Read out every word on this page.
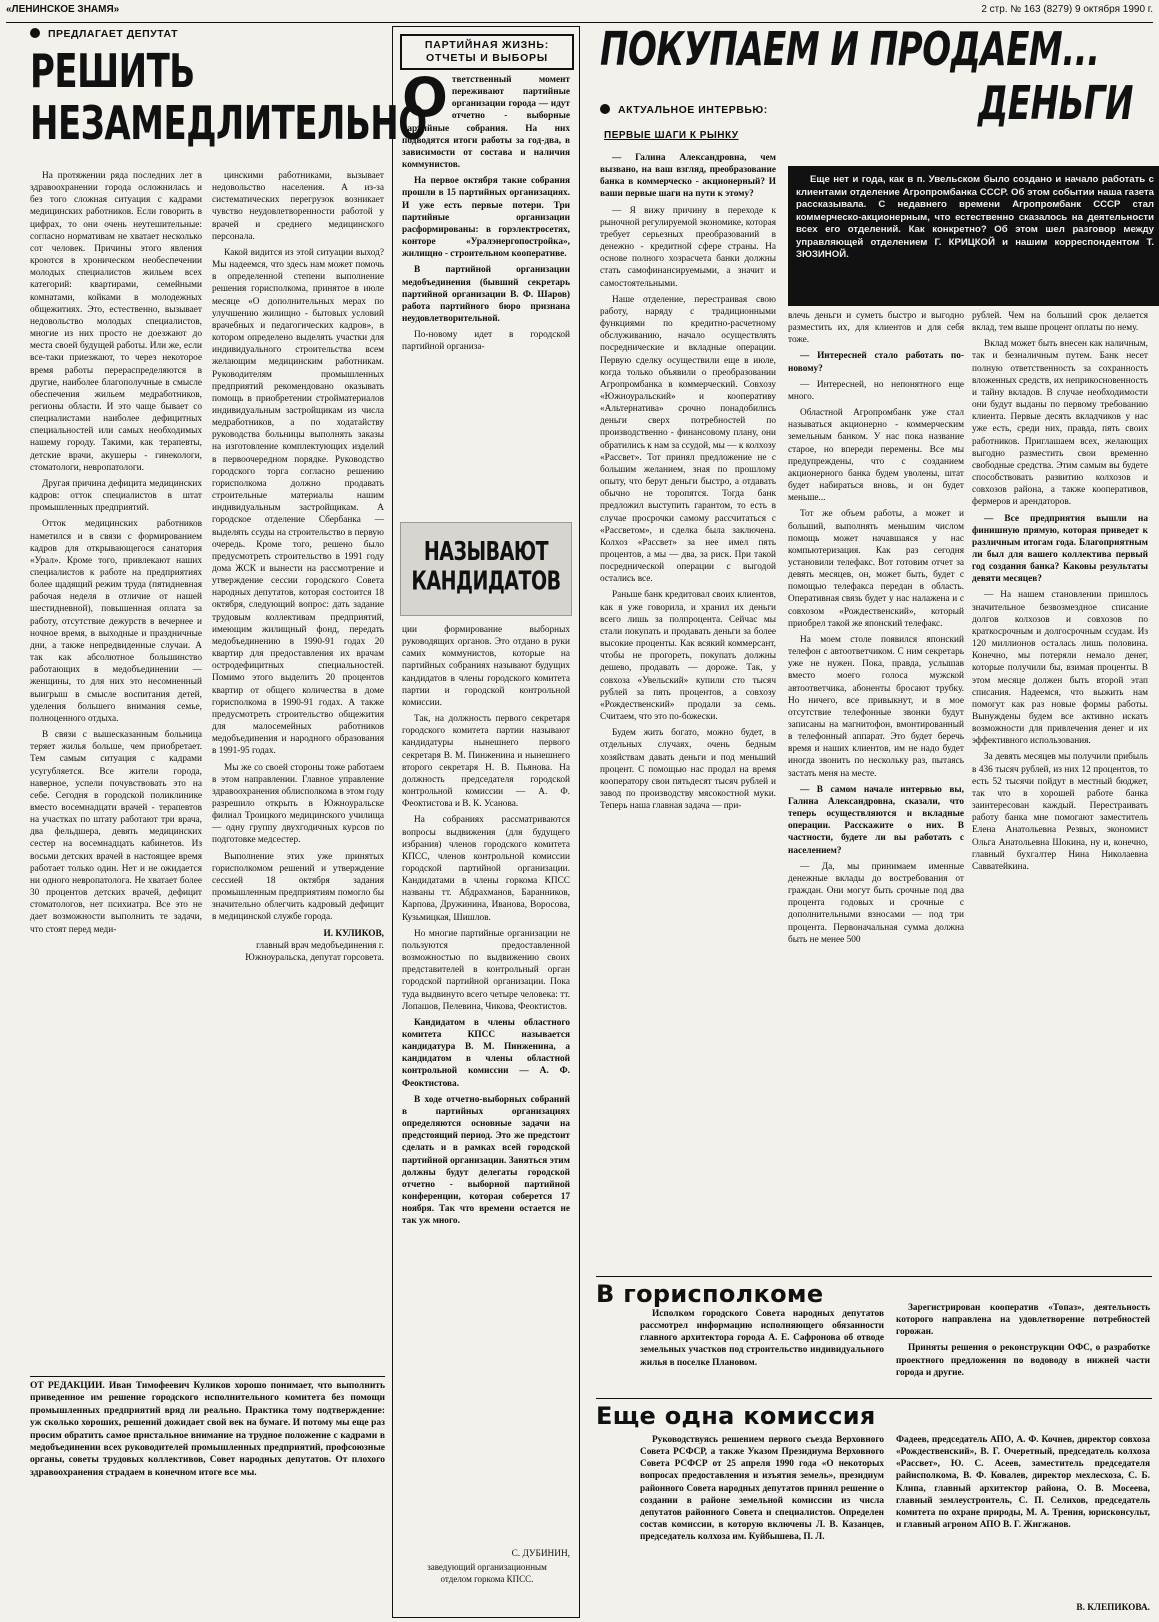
«ЛЕНИНСКОЕ ЗНАМЯ»	2 стр. № 163 (8279) 9 октября 1990 г.
ПРЕДЛАГАЕТ ДЕПУТАТ
РЕШИТЬ
НЕЗАМЕДЛИТЕЛЬНО

На протяжении ряда последних лет в здравоохранении города осложнилась и без того сложная ситуация с кадрами медицинских работников. Если говорить в цифрах, то они очень неутешительные: согласно нормативам не хватает несколько сот человек. Причины этого явления кроются в хроническом необеспечении молодых специалистов жильем всех категорий: квартирами, семейными комнатами, койками в молодежных общежитиях. Это, естественно, вызывает недовольство молодых специалистов, многие из них просто не доезжают до места своей будущей работы. Или же, если все-таки приезжают, то через некоторое время работы перераспределяются в другие, наиболее благополучные в смысле обеспечения жильем медработников, регионы области. И это чаще бывает со специалистами наиболее дефицитных специальностей или самых необходимых нашему городу. Такими, как терапевты, детские врачи, акушеры - гинекологи, стоматологи, невропатологи.

Другая причина дефицита медицинских кадров: отток специалистов в штат промышленных предприятий.

Отток медицинских работников наметился и в связи с формированием кадров для открывающегося санатория «Урал». Кроме того, привлекают наших специалистов к работе на предприятиях более щадящий режим труда (пятидневная рабочая неделя в отличие от нашей шестидневной), повышенная оплата за работу, отсутствие дежурств в вечернее и ночное время, в выходные и праздничные дни, а также непредвиденные случаи. А так как абсолютное большинство работающих в медобъединении — женщины, то для них это несомненный выигрыш в смысле воспитания детей, уделения большего внимания семье, полноценного отдыха.

В связи с вышесказанным больница теряет жилья больше, чем приобретает. Тем самым ситуация с кадрами усугубляется. Все жители города, наверное, успели почувствовать это на себе. Сегодня в городской поликлинике вместо восемнадцати врачей - терапевтов на участках по штату работают три врача, два фельдшера, девять медицинских сестер на восемнадцать кабинетов. Из восьми детских врачей в настоящее время работает только один. Нет и не ожидается ни одного невропатолога. Не хватает более 30 процентов детских врачей, дефицит стоматологов, нет психиатра. Все это не дает возможности выполнить те задачи, что стоят перед меди-

цинскими работниками, вызывает недовольство населения. А из-за систематических перегрузок возникает чувство неудовлетворенности работой у врачей и среднего медицинского персонала.

Какой видится из этой ситуации выход? Мы надеемся, что здесь нам может помочь в определенной степени выполнение решения горисполкома, принятое в июле месяце «О дополнительных мерах по улучшению жилищно - бытовых условий врачебных и педагогических кадров», в котором определено выделять участки для индивидуального строительства всем желающим медицинским работникам. Руководителям промышленных предприятий рекомендовано оказывать помощь в приобретении стройматериалов индивидуальным застройщикам из числа медработников, а по ходатайству руководства больницы выполнять заказы на изготовление комплектующих изделий в первоочередном порядке. Руководство городского торга согласно решению горисполкома должно продавать строительные материалы нашим индивидуальным застройщикам. А городское отделение Сбербанка — выделять ссуды на строительство в первую очередь. Кроме того, решено было предусмотреть строительство в 1991 году дома ЖСК и вынести на рассмотрение и утверждение сессии городского Совета народных депутатов, которая состоится 18 октября, следующий вопрос: дать задание трудовым коллективам предприятий, имеющим жилищный фонд, передать медобъединению в 1990-91 годах 20 квартир для предоставления их врачам остродефицитных специальностей. Помимо этого выделить 20 процентов квартир от общего количества в доме горисполкома в 1990-91 годах. А также предусмотреть строительство общежития для малосемейных работников медобъединения и народного образования в 1991-95 годах.

Мы же со своей стороны тоже работаем в этом направлении. Главное управление здравоохранения облисполкома в этом году разрешило открыть в Южноуральске филиал Троицкого медицинского училища — одну группу двухгодичных курсов по подготовке медсестер.

Выполнение этих уже принятых горисполкомом решений и утверждение сессией 18 октября задания промышленным предприятиям помогло бы значительно облегчить кадровый дефицит в медицинской службе города.

И. КУЛИКОВ,
главный врач медобъединения г. Южноуральска, депутат горсовета.

ОТ РЕДАКЦИИ. Иван Тимофеевич Куликов хорошо понимает, что выполнить приведенное им решение городского исполнительного комитета без помощи промышленных предприятий вряд ли реально. Практика тому подтверждение: уж сколько хороших, решений дожидает свой век на бумаге. И потому мы еще раз просим обратить самое пристальное внимание на трудное положение с кадрами в медобъединении всех руководителей промышленных предприятий, профсоюзные органы, советы трудовых коллективов, Совет народных депутатов. От плохого здравоохранения страдаем в конечном итоге все мы.

ПАРТИЙНАЯ ЖИЗНЬ:
ОТЧЕТЫ И ВЫБОРЫ
О тветственный момент переживают партийные организации города — идут отчетно - выборные партийные собрания. На них подводятся итоги работы за год-два, в зависимости от состава и наличия коммунистов.

На первое октября такие собрания прошли в 15 партийных организациях. И уже есть первые потери. Три партийные организации расформированы: в горэлектросетях, конторе «Уралэнергопостройка», жилищно - строительном кооперативе.

В партийной организации медобъединения (бывший секретарь партийной организации В. Ф. Шаров) работа партийного бюро признана неудовлетворительной.

По-новому идет в городской партийной организа-

НАЗЫВАЮТ КАНДИДАТОВ

ции формирование выборных руководящих органов. Это отдано в руки самих коммунистов, которые на партийных собраниях называют будущих кандидатов в члены городского комитета партии и городской контрольной комиссии.

Так, на должность первого секретаря городского комитета партии называют кандидатуры нынешнего первого секретаря В. М. Пинженина и нынешнего второго секретаря Н. В. Пьянова. На должность председателя городской контрольной комиссии — А. Ф. Феоктистова и В. К. Усанова.

На собраниях рассматриваются вопросы выдвижения (для будущего избрания) членов городского комитета КПСС, членов контрольной комиссии городской партийной организации. Кандидатами в члены горкома КПСС названы тт. Абдрахманов, Баранников, Карпова, Дружинина, Иванова, Воросова, Кузьмицкая, Шишлов.

Но многие партийные организации не пользуются предоставленной возможностью по выдвижению своих представителей в контрольный орган городской партийной организации. Пока туда выдвинуто всего четыре человека: тт. Лопашов, Пелевина, Чикова, Феоктистов.

Кандидатом в члены областного комитета КПСС называется кандидатура В. М. Пинженина, а кандидатом в члены областной контрольной комиссии — А. Ф. Феоктистова.

В ходе отчетно-выборных собраний в партийных организациях определяются основные задачи на предстоящий период. Это же предстоит сделать и в рамках всей городской партийной организации. Заняться этим должны будут делегаты городской отчетно - выборной партийной конференции, которая соберется 17 ноября. Так что времени остается не так уж много.

С. ДУБИНИН,
заведующий организационным отделом горкома КПСС.
ПОКУПАЕМ И ПРОДАЕМ...
ДЕНЬГИ
АКТУАЛЬНОЕ ИНТЕРВЬЮ:
ПЕРВЫЕ ШАГИ К РЫНКУ
Еще нет и года, как в п. Увельском было создано и начало работать с клиентами отделение Агропромбанка СССР. Об этом событии наша газета рассказывала. С недавнего времени Агропромбанк СССР стал коммерческо-акционерным, что естественно сказалось на деятельности всех его отделений. Как конкретно? Об этом шел разговор между управляющей отделением Г. КРИЦКОЙ и нашим корреспондентом Т. ЗЮЗИНОЙ.

— Галина Александровна, чем вызвано, на ваш взгляд, преобразование банка в коммерческо - акционерный? И ваши первые шаги на пути к этому?

— Я вижу причину в переходе к рыночной регулируемой экономике, которая требует серьезных преобразований в денежно - кредитной сфере страны. На основе полного хозрасчета банки должны стать самофинансируемыми, а значит и самостоятельными.

Наше отделение, перестраивая свою работу, наряду с традиционными функциями по кредитно-расчетному обслуживанию, начало осуществлять посреднические и вкладные операции. Первую сделку осуществили еще в июле, когда только объявили о преобразовании Агропромбанка в коммерческий. Совхозу «Южноуральский» и кооперативу «Альтернатива» срочно понадобились деньги сверх потребностей по производственно - финансовому плану, они обратились к нам за ссудой, мы — к колхозу «Рассвет». Тот принял предложение не с большим желанием, зная по прошлому опыту, что берут деньги быстро, а отдавать обычно не торопятся. Тогда банк предложил выступить гарантом, то есть в случае просрочки самому рассчитаться с «Рассветом», и сделка была заключена. Колхоз «Рассвет» за нее имел пять процентов, а мы — два, за риск. При такой посреднической операции с выгодой остались все.

Раньше банк кредитовал своих клиентов, как я уже говорила, и хранил их деньги всего лишь за полпроцента. Сейчас мы стали покупать и продавать деньги за более высокие проценты. Как всякий коммерсант, чтобы не прогореть, покупать должны дешево, продавать — дороже. Так, у совхоза «Увельский» купили сто тысяч рублей за пять процентов, а совхозу «Рождественский» продали за семь. Считаем, что это по-божески.

Будем жить богато, можно будет, в отдельных случаях, очень бедным хозяйствам давать деньги и под меньший процент. С помощью нас продал на время кооператору свои пятьдесят тысяч рублей и завод по производству мясокостной муки. Теперь наша главная задача — при-

влечь деньги и суметь быстро и выгодно разместить их, для клиентов и для себя тоже.

— Интересней стало работать по-новому?

— Интересней, но непонятного еще много.

Областной Агропромбанк уже стал называться акционерно - коммерческим земельным банком. У нас пока название старое, но впереди перемены. Все мы предупреждены, что с созданием акционерного банка будем уволены, штат будет набираться вновь, и он будет меньше...

Тот же объем работы, а может и больший, выполнять меньшим числом помощь может начавшаяся у нас компьютеризация. Как раз сегодня установили телефакс. Вот готовим отчет за девять месяцев, он, может быть, будет с помощью телефакса передан в область. Оперативная связь будет у нас налажена и с совхозом «Рождественский», который приобрел такой же японский телефакс.

На моем столе появился японский телефон с автоответчиком. С ним секретарь уже не нужен. Пока, правда, услышав вместо моего голоса мужской автоответчика, абоненты бросают трубку. Но ничего, все привыкнут, и в мое отсутствие телефонные звонки будут записаны на магнитофон, вмонтированный в телефонный аппарат. Это будет беречь время и наших клиентов, им не надо будет иногда звонить по нескольку раз, пытаясь застать меня на месте.

— В самом начале интервью вы, Галина Александровна, сказали, что теперь осуществляются и вкладные операции. Расскажите о них. В частности, будете ли вы работать с населением?

— Да, мы принимаем именные денежные вклады до востребования от граждан. Они могут быть срочные под два процента годовых и срочные с дополнительными взносами — под три процента. Первоначальная сумма должна быть не менее 500

рублей. Чем на больший срок делается вклад, тем выше процент оплаты по нему.

Вклад может быть внесен как наличным, так и безналичным путем. Банк несет полную ответственность за сохранность вложенных средств, их неприкосновенность и тайну вкладов. В случае необходимости они будут выданы по первому требованию клиента. Первые десять вкладчиков у нас уже есть, среди них, правда, пять своих работников. Приглашаем всех, желающих выгодно разместить свои временно свободные средства. Этим самым вы будете способствовать развитию колхозов и совхозов района, а также кооперативов, фермеров и арендаторов.

— Все предприятия вышли на финишную прямую, которая приведет к различным итогам года. Благоприятным ли был для вашего коллектива первый год создания банка? Каковы результаты девяти месяцев?

— На нашем становлении пришлось значительное безвозмездное списание долгов колхозов и совхозов по краткосрочным и долгосрочным ссудам. Из 120 миллионов осталась лишь половина. Конечно, мы потеряли немало денег, которые получили бы, взимая проценты. В этом месяце должен быть второй этап списания. Надеемся, что выжить нам помогут как раз новые формы работы. Вынуждены будем все активно искать возможности для привлечения денег и их эффективного использования.

За девять месяцев мы получили прибыль в 436 тысяч рублей, из них 12 процентов, то есть 52 тысячи пойдут в местный бюджет, так что в хорошей работе банка заинтересован каждый. Перестраивать работу банка мне помогают заместитель Елена Анатольевна Резвых, экономист Ольга Анатольевна Шокина, ну и, конечно, главный бухгалтер Нина Николаевна Савватейкина.

В горисполкоме

Исполком городского Совета народных депутатов рассмотрел информацию исполняющего обязанности главного архитектора города А. Е. Сафронова об отводе земельных участков под строительство индивидуального жилья в поселке Плановом.

Зарегистрирован кооператив «Топаз», деятельность которого направлена на удовлетворение потребностей горожан.

Приняты решения о реконструкции ОФС, о разработке проектного предложения по водоводу в нижней части города и другие.

Еще одна комиссия

Руководствуясь решением первого съезда Верховного Совета РСФСР, а также Указом Президиума Верховного Совета РСФСР от 25 апреля 1990 года «О некоторых вопросах предоставления и изъятия земель», президиум районного Совета народных депутатов принял решение о создании в районе земельной комиссии из числа депутатов районного Совета и специалистов. Определен состав комиссии, в которую включены Л. В. Казанцев, председатель колхоза им. Куйбышева, П. Л.

Фадеев, председатель АПО, А. Ф. Кочнев, директор совхоза «Рождественский», В. Г. Очеретный, председатель колхоза «Рассвет», Ю. С. Асеев, заместитель председателя райисполкома, В. Ф. Ковалев, директор мехлесхоза, С. Б. Клипа, главный архитектор района, О. В. Мосеева, главный землеустроитель, С. П. Селихов, председатель комитета по охране природы, М. А. Трения, юрисконсульт, и главный агроном АПО В. Г. Жигжанов.

В. КЛЕПИКОВА.
